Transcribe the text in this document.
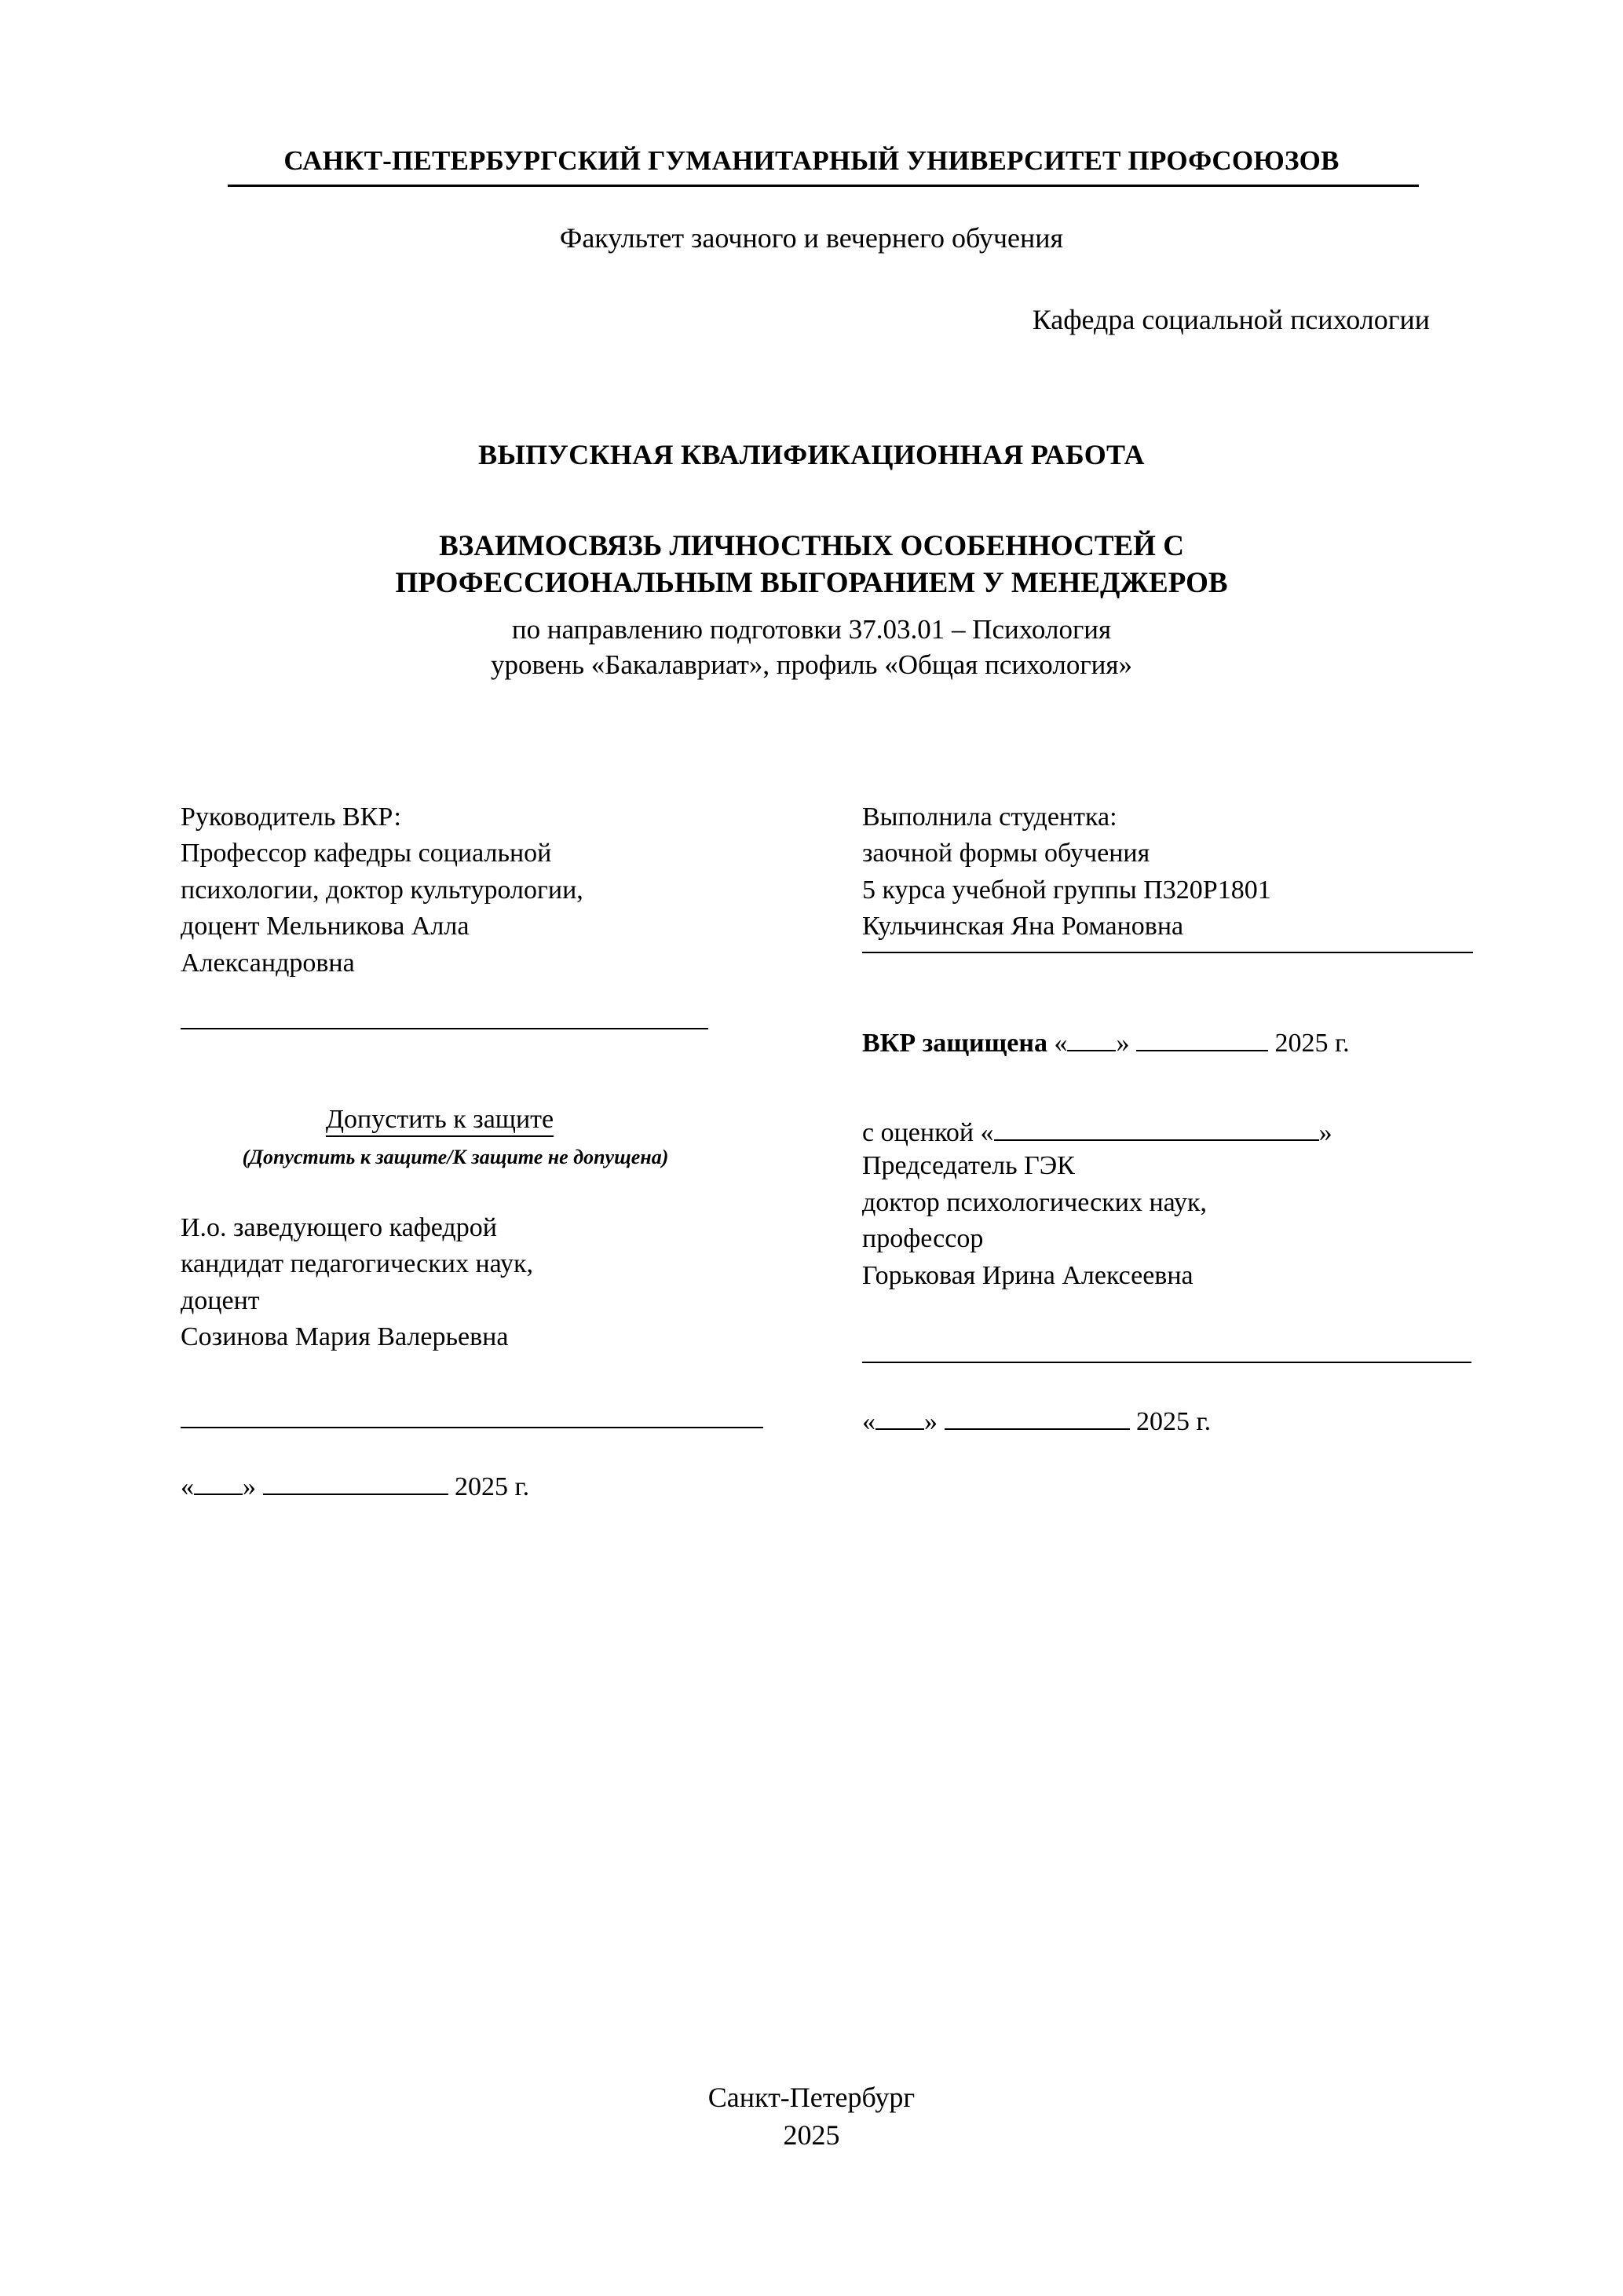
САНКТ-ПЕТЕРБУРГСКИЙ ГУМАНИТАРНЫЙ УНИВЕРСИТЕТ ПРОФСОЮЗОВ
Факультет заочного и вечернего обучения
Кафедра социальной психологии
ВЫПУСКНАЯ КВАЛИФИКАЦИОННАЯ РАБОТА
ВЗАИМОСВЯЗЬ ЛИЧНОСТНЫХ ОСОБЕННОСТЕЙ С
ПРОФЕССИОНАЛЬНЫМ ВЫГОРАНИЕМ У МЕНЕДЖЕРОВ
по направлению подготовки 37.03.01 – Психология
уровень «Бакалавриат», профиль «Общая психология»
Руководитель ВКР:
Профессор кафедры социальной
психологии, доктор культурологии,
доцент Мельникова Алла
Александровна
Допустить к защите
(Допустить к защите/К защите не допущена)
И.о. заведующего кафедрой
кандидат педагогических наук,
доцент
Созинова Мария Валерьевна
« »	2025 г.
Выполнила студентка:
заочной формы обучения
5 курса учебной группы П320Р1801
Кульчинская Яна Романовна
ВКР защищена « »	2025 г.
с оценкой «	»
Председатель ГЭК
доктор психологических наук,
профессор
Горьковая Ирина Алексеевна
« »	2025 г.
Санкт-Петербург
2025
